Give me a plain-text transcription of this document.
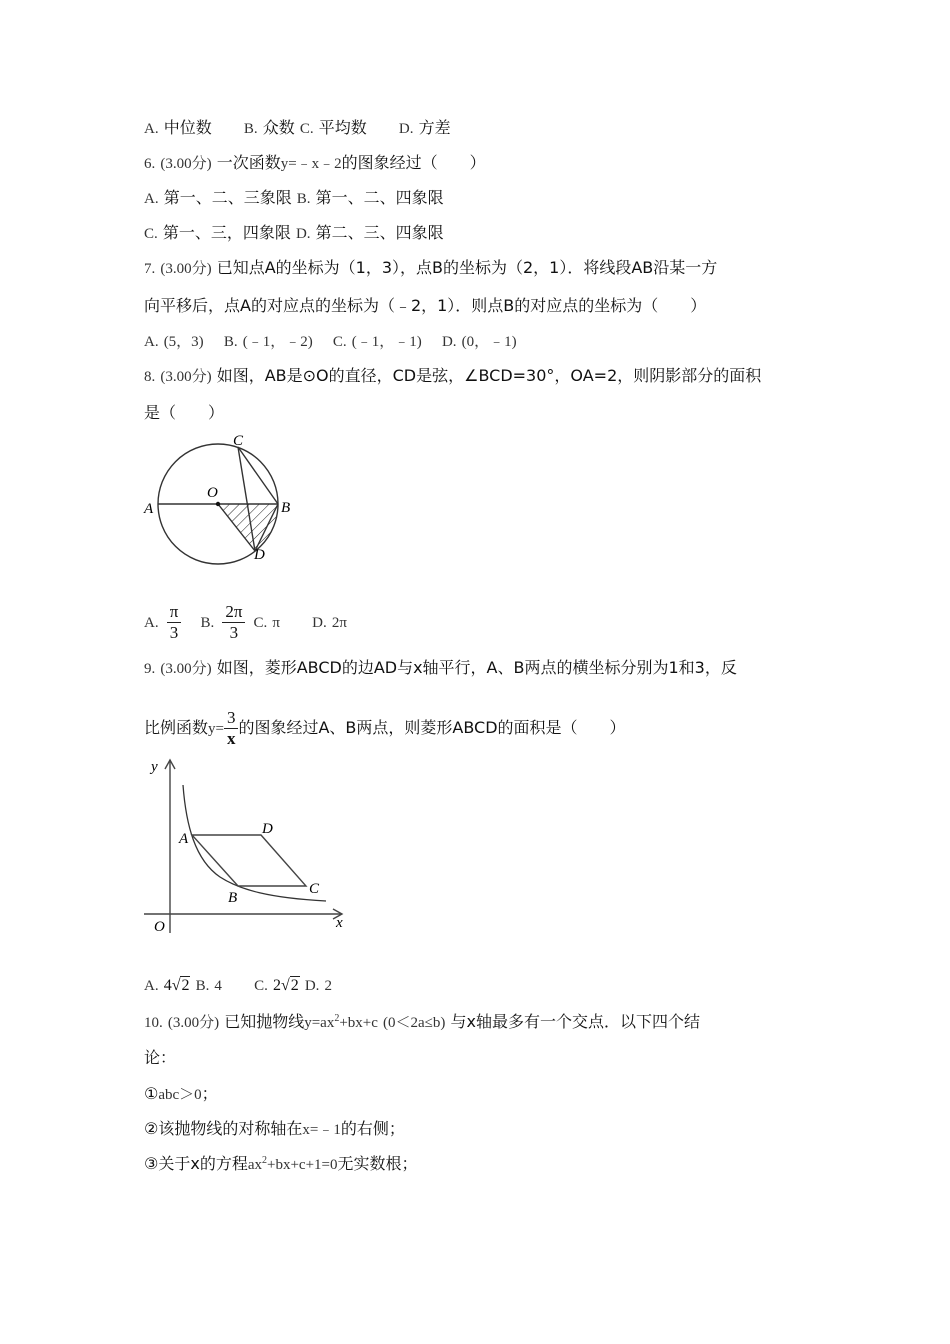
A. 中位数 B. 众数 C. 平均数 D. 方差
6. (3.00分) 一次函数y=﹣x﹣2的图象经过（　　）
A. 第一、二、三象限 B. 第一、二、四象限
C. 第一、三，四象限 D. 第二、三、四象限
7. (3.00分) 已知点A的坐标为（1，3），点B的坐标为（2，1）．将线段AB沿某一方
向平移后，点A的对应点的坐标为（﹣2，1）．则点B的对应点的坐标为（　　）
A. (5，3) B. (﹣1，﹣2) C. (﹣1，﹣1) D. (0，﹣1)
8. (3.00分) 如图，AB是⊙O的直径，CD是弦，∠BCD=30°，OA=2，则阴影部分的面积
是（　　）
C
O
A	B
D
A. $\frac{\pi}{3} B$. $\frac{2\pi}{3} C$. π D. 2π
9. (3.00分) 如图，菱形ABCD的边AD与x轴平行，A、B两点的横坐标分别为1和3，反
比例函数$y= \frac{3}{x}$ 的图象经过A、B两点，则菱形ABCD的面积是（　　）
y
x
O
A
D
C
B
A. 4√2 B. 4 C. 2√2 D. 2
10. (3.00分) 已知抛物线$y=ax^2+bx+c$ (0＜2a≤b) 与x轴最多有一个交点．以下四个结
论：
①abc＞0；
②该抛物线的对称轴在x=﹣1的右侧；
③关于x的方程$ax^2+bx+c+1=0$无实数根；
